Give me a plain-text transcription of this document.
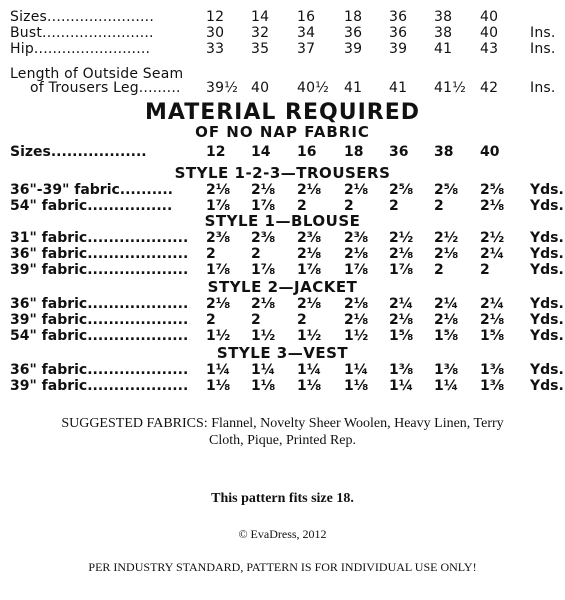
Sizes.......................	12 14 16 18 36 38 40
Bust........................	30 32 34 36 36 38 40 Ins.
Hip.........................	33 35 37 39 39 41 43 Ins.
Length of Outside Seam
of Trousers Leg......... 39½ 40 40½ 41 41 41½ 42 Ins.
MATERIAL REQUIRED
OF NO NAP FABRIC
Sizes..................	12 14 16 18 36 38 40
STYLE 1-2-3—TROUSERS
36"-39" fabric.......... 2⅛ 2⅛ 2⅛ 2⅛ 2⅝ 2⅝ 2⅝ Yds.
54" fabric................ 1⅞ 1⅞ 2	2	2	2	2⅛ Yds.
STYLE 1—BLOUSE
31" fabric................... 2⅜ 2⅜ 2⅜ 2⅜ 2½ 2½ 2½ Yds.
36" fabric................... 2	2	2⅛ 2⅛ 2⅛ 2⅛ 2¼ Yds.
39" fabric................... 1⅞ 1⅞ 1⅞ 1⅞ 1⅞ 2	2	Yds.
STYLE 2—JACKET
36" fabric................... 2⅛ 2⅛ 2⅛ 2⅛ 2¼ 2¼ 2¼ Yds.
39" fabric................... 2	2	2	2⅛ 2⅛ 2⅛ 2⅛ Yds.
54" fabric................... 1½ 1½ 1½ 1½ 1⅝ 1⅝ 1⅝ Yds.
STYLE 3—VEST
36" fabric................... 1¼ 1¼ 1¼ 1¼ 1⅜ 1⅜ 1⅜ Yds.
39" fabric................... 1⅛ 1⅛ 1⅛ 1⅛ 1¼ 1¼ 1⅜ Yds.
SUGGESTED FABRICS: Flannel, Novelty Sheer Woolen, Heavy Linen, Terry
Cloth, Pique, Printed Rep.
This pattern fits size 18.
© EvaDress, 2012
PER INDUSTRY STANDARD, PATTERN IS FOR INDIVIDUAL USE ONLY!
